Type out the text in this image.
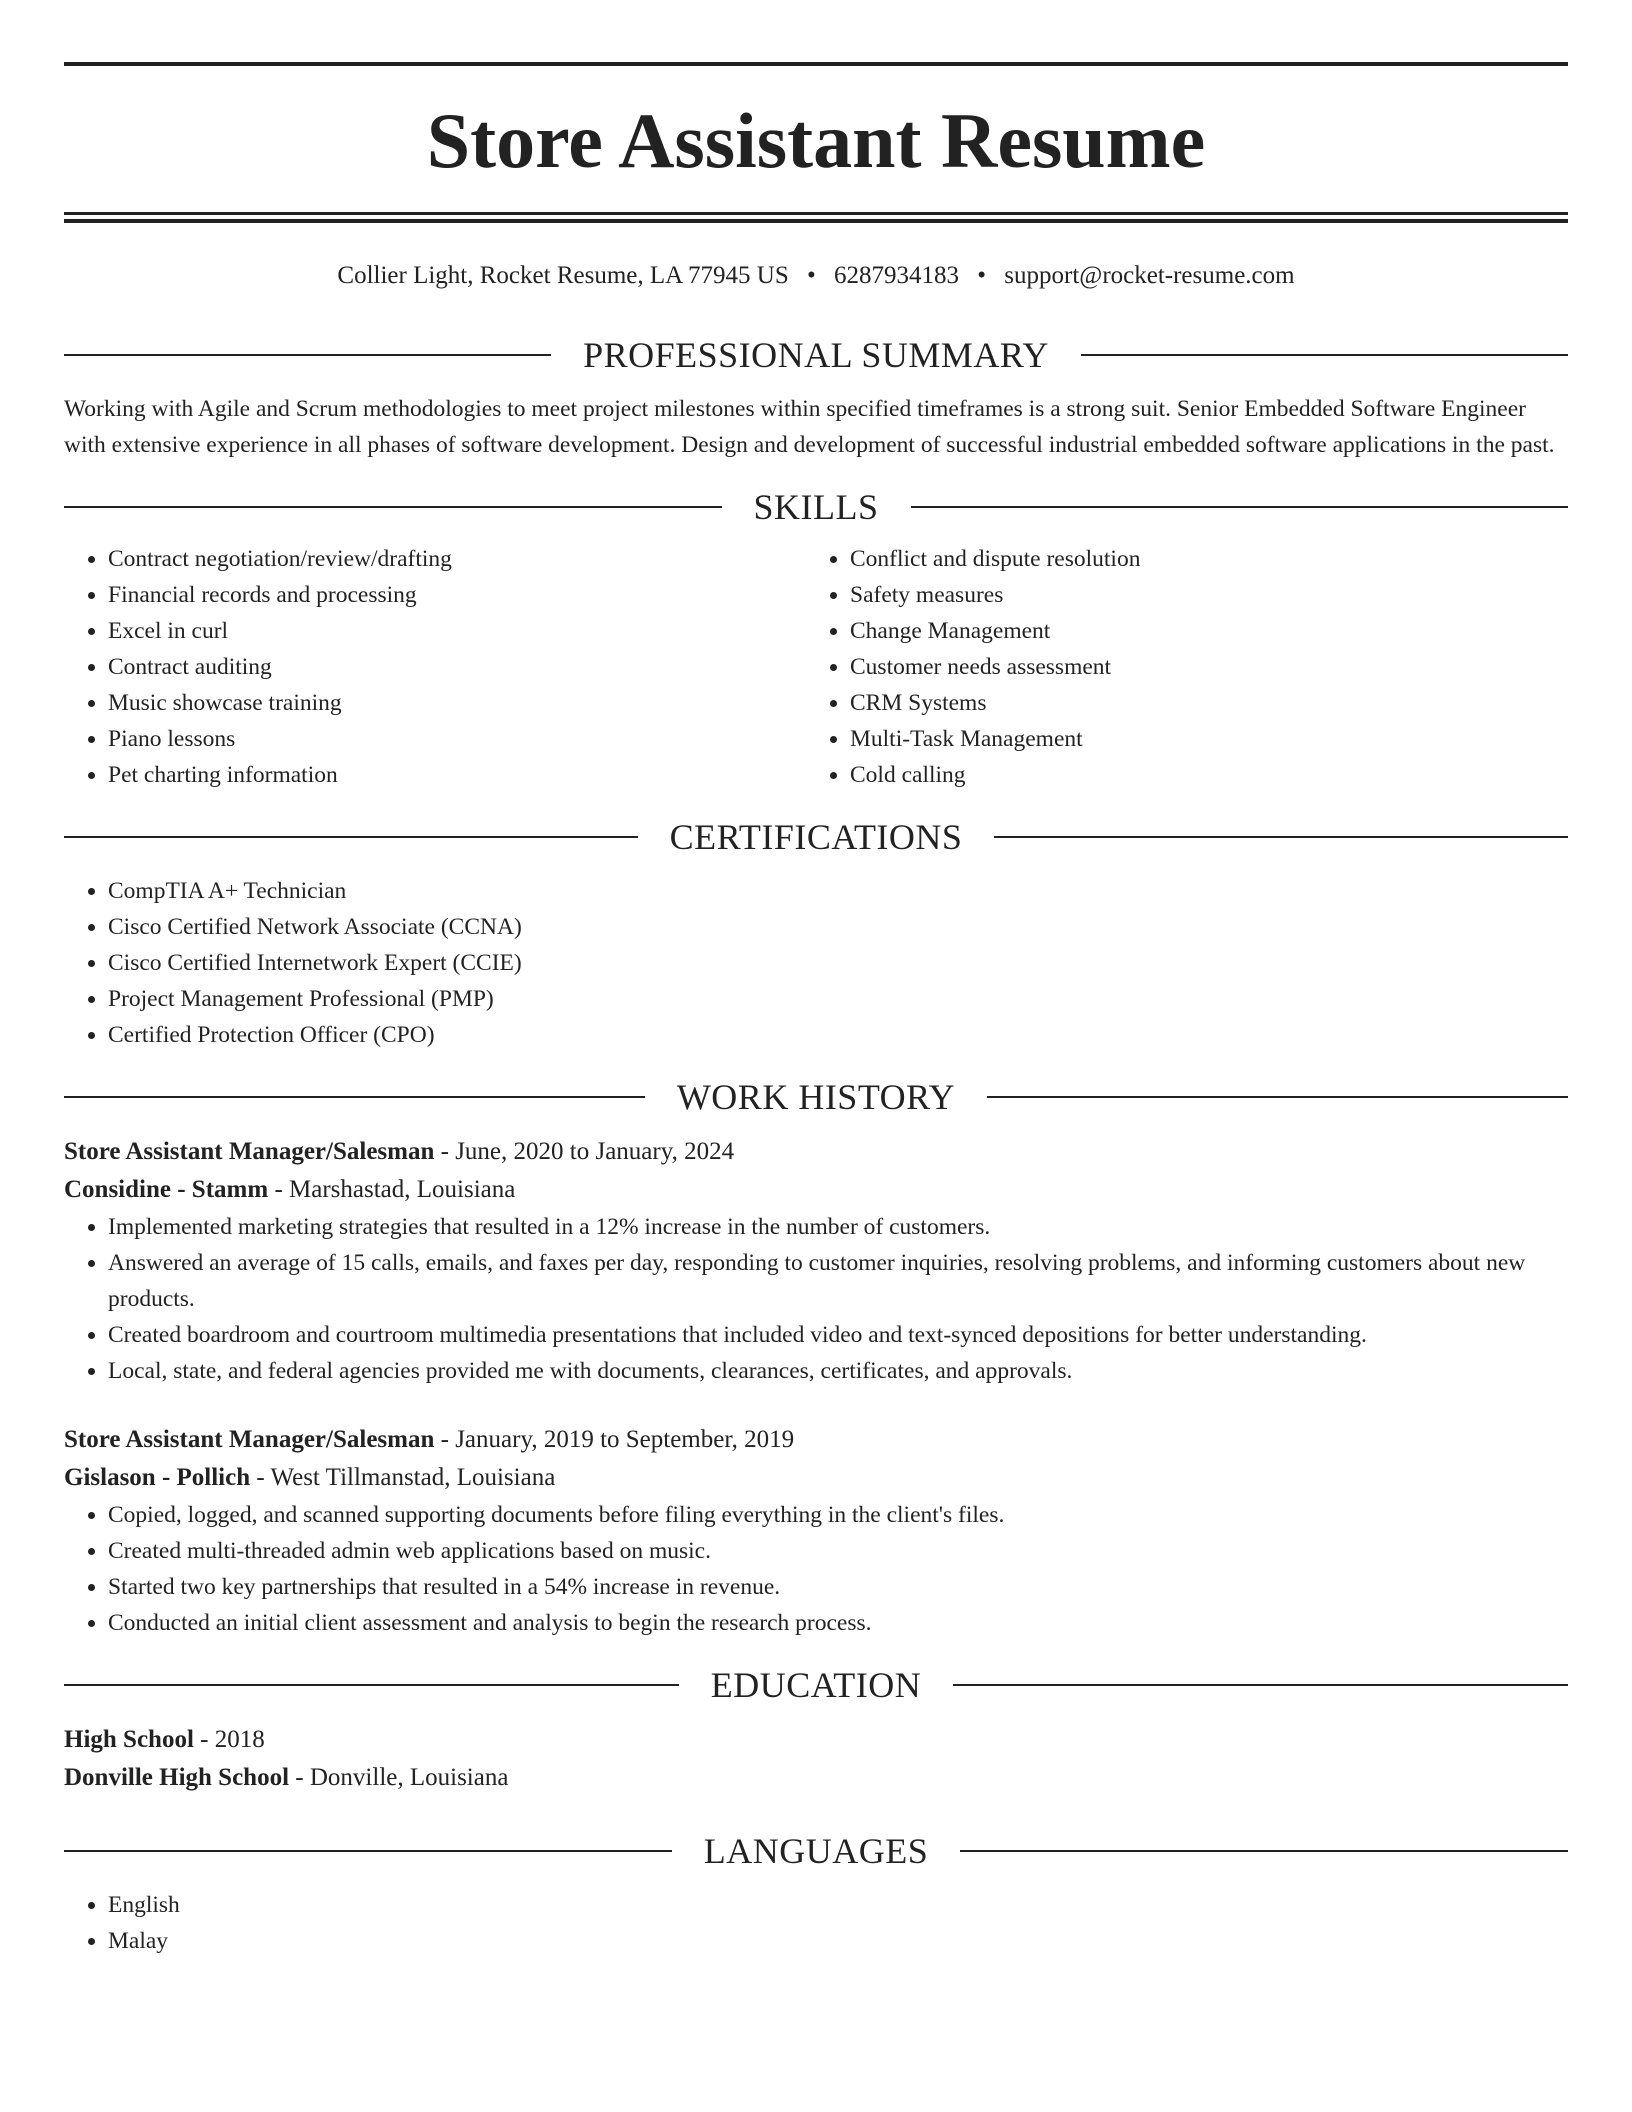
Store Assistant Resume
Collier Light, Rocket Resume, LA 77945 US • 6287934183 • support@rocket-resume.com
PROFESSIONAL SUMMARY

Working with Agile and Scrum methodologies to meet project milestones within specified timeframes is a strong suit. Senior Embedded Software Engineer with extensive experience in all phases of software development. Design and development of successful industrial embedded software applications in the past.

SKILLS
• Contract negotiation/review/drafting
• Financial records and processing
• Excel in curl
• Contract auditing
• Music showcase training
• Piano lessons
• Pet charting information
• Conflict and dispute resolution
• Safety measures
• Change Management
• Customer needs assessment
• CRM Systems
• Multi-Task Management
• Cold calling
CERTIFICATIONS
• CompTIA A+ Technician
• Cisco Certified Network Associate (CCNA)
• Cisco Certified Internetwork Expert (CCIE)
• Project Management Professional (PMP)
• Certified Protection Officer (CPO)
WORK HISTORY
Store Assistant Manager/Salesman - June, 2020 to January, 2024
Considine - Stamm - Marshastad, Louisiana
• Implemented marketing strategies that resulted in a 12% increase in the number of customers.
• Answered an average of 15 calls, emails, and faxes per day, responding to customer inquiries, resolving problems, and informing customers about new products.
• Created boardroom and courtroom multimedia presentations that included video and text-synced depositions for better understanding.
• Local, state, and federal agencies provided me with documents, clearances, certificates, and approvals.
Store Assistant Manager/Salesman - January, 2019 to September, 2019
Gislason - Pollich - West Tillmanstad, Louisiana
• Copied, logged, and scanned supporting documents before filing everything in the client's files.
• Created multi-threaded admin web applications based on music.
• Started two key partnerships that resulted in a 54% increase in revenue.
• Conducted an initial client assessment and analysis to begin the research process.
EDUCATION
High School - 2018
Donville High School - Donville, Louisiana
LANGUAGES
• English
• Malay
